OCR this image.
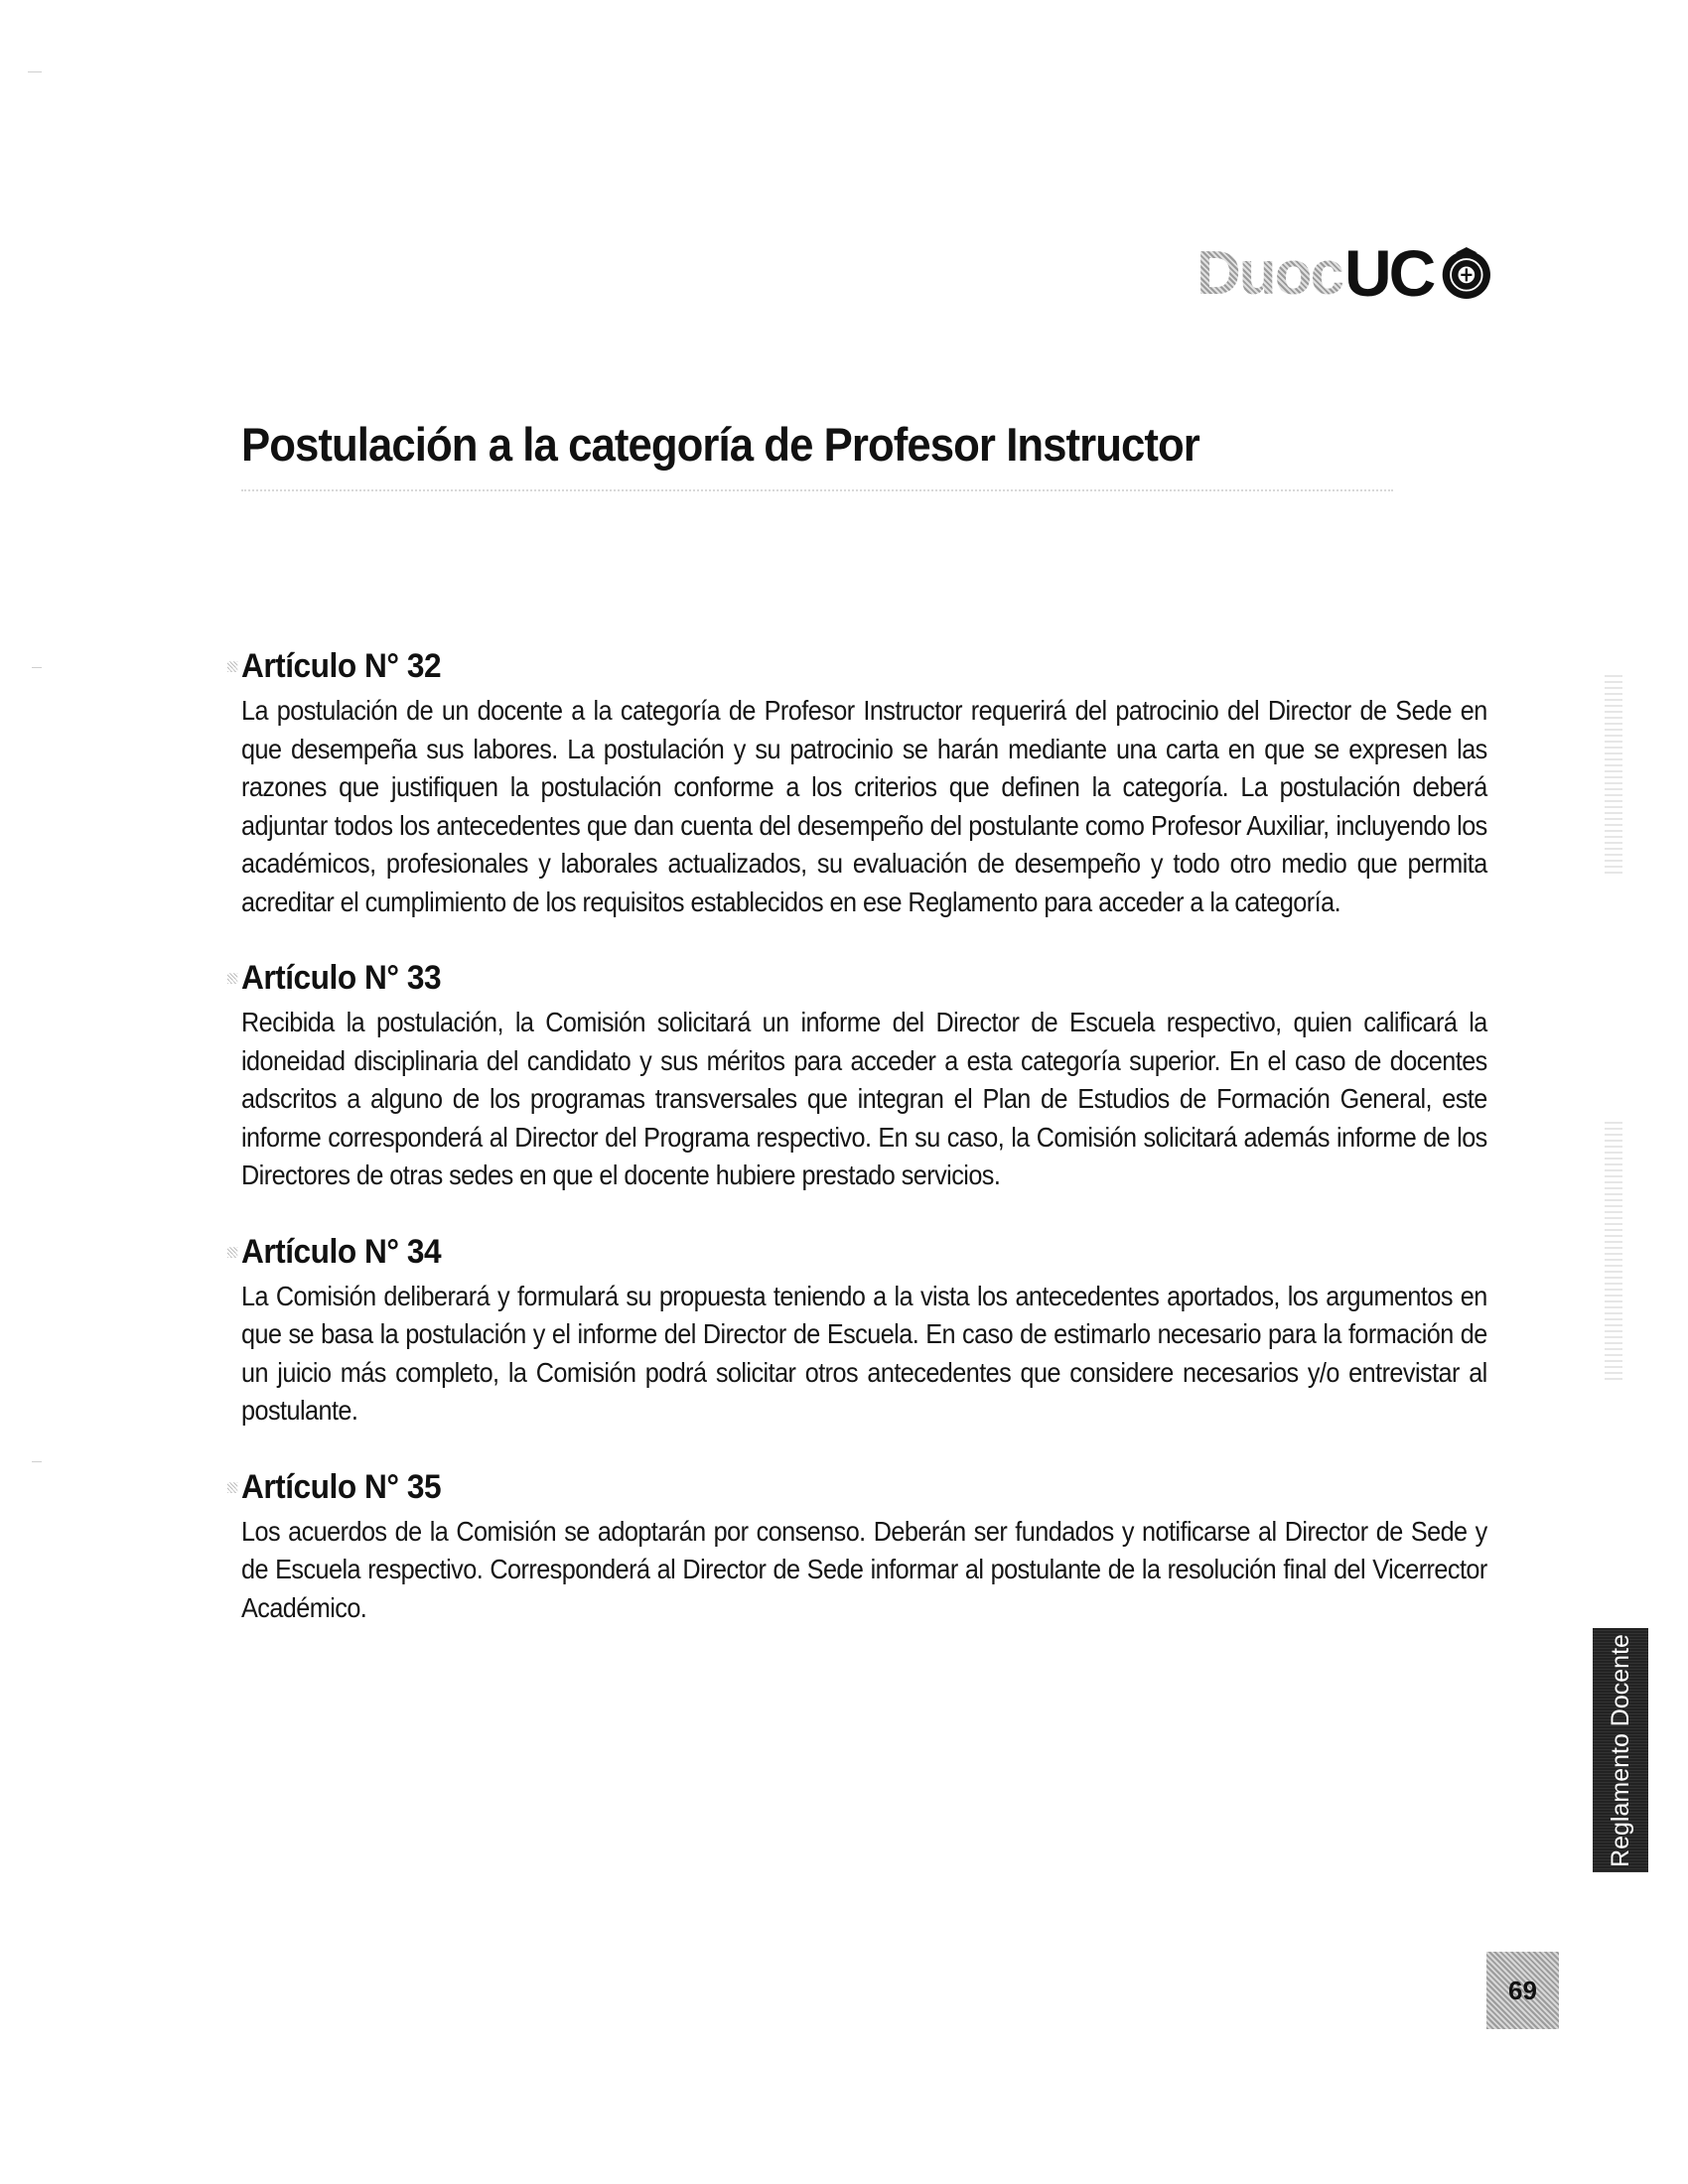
Duoc UC
Postulación a la categoría de Profesor Instructor
Artículo N° 32

La postulación de un docente a la categoría de Profesor Instructor requerirá del patrocinio del Director de Sede en que desempeña sus labores. La postulación y su patrocinio se harán mediante una carta en que se expresen las razones que justifiquen la postulación conforme a los criterios que definen la categoría. La postulación deberá adjuntar todos los antecedentes que dan cuenta del desempeño del postulante como Profesor Auxiliar, incluyendo los académicos, profesionales y laborales actualizados, su evaluación de desempeño y todo otro medio que permita acreditar el cumplimiento de los requisitos establecidos en ese Reglamento para acceder a la categoría.

Artículo N° 33

Recibida la postulación, la Comisión solicitará un informe del Director de Escuela respectivo, quien calificará la idoneidad disciplinaria del candidato y sus méritos para acceder a esta categoría superior. En el caso de docentes adscritos a alguno de los programas transversales que integran el Plan de Estudios de Formación General, este informe corresponderá al Director del Programa respectivo. En su caso, la Comisión solicitará además informe de los Directores de otras sedes en que el docente hubiere prestado servicios.

Artículo N° 34

La Comisión deliberará y formulará su propuesta teniendo a la vista los antecedentes aportados, los argumentos en que se basa la postulación y el informe del Director de Escuela. En caso de estimarlo necesario para la formación de un juicio más completo, la Comisión podrá solicitar otros antecedentes que considere necesarios y/o entrevistar al postulante.

Artículo N° 35

Los acuerdos de la Comisión se adoptarán por consenso. Deberán ser fundados y notificarse al Director de Sede y de Escuela respectivo. Corresponderá al Director de Sede informar al postulante de la resolución final del Vicerrector Académico.

Reglamento Docente
69
